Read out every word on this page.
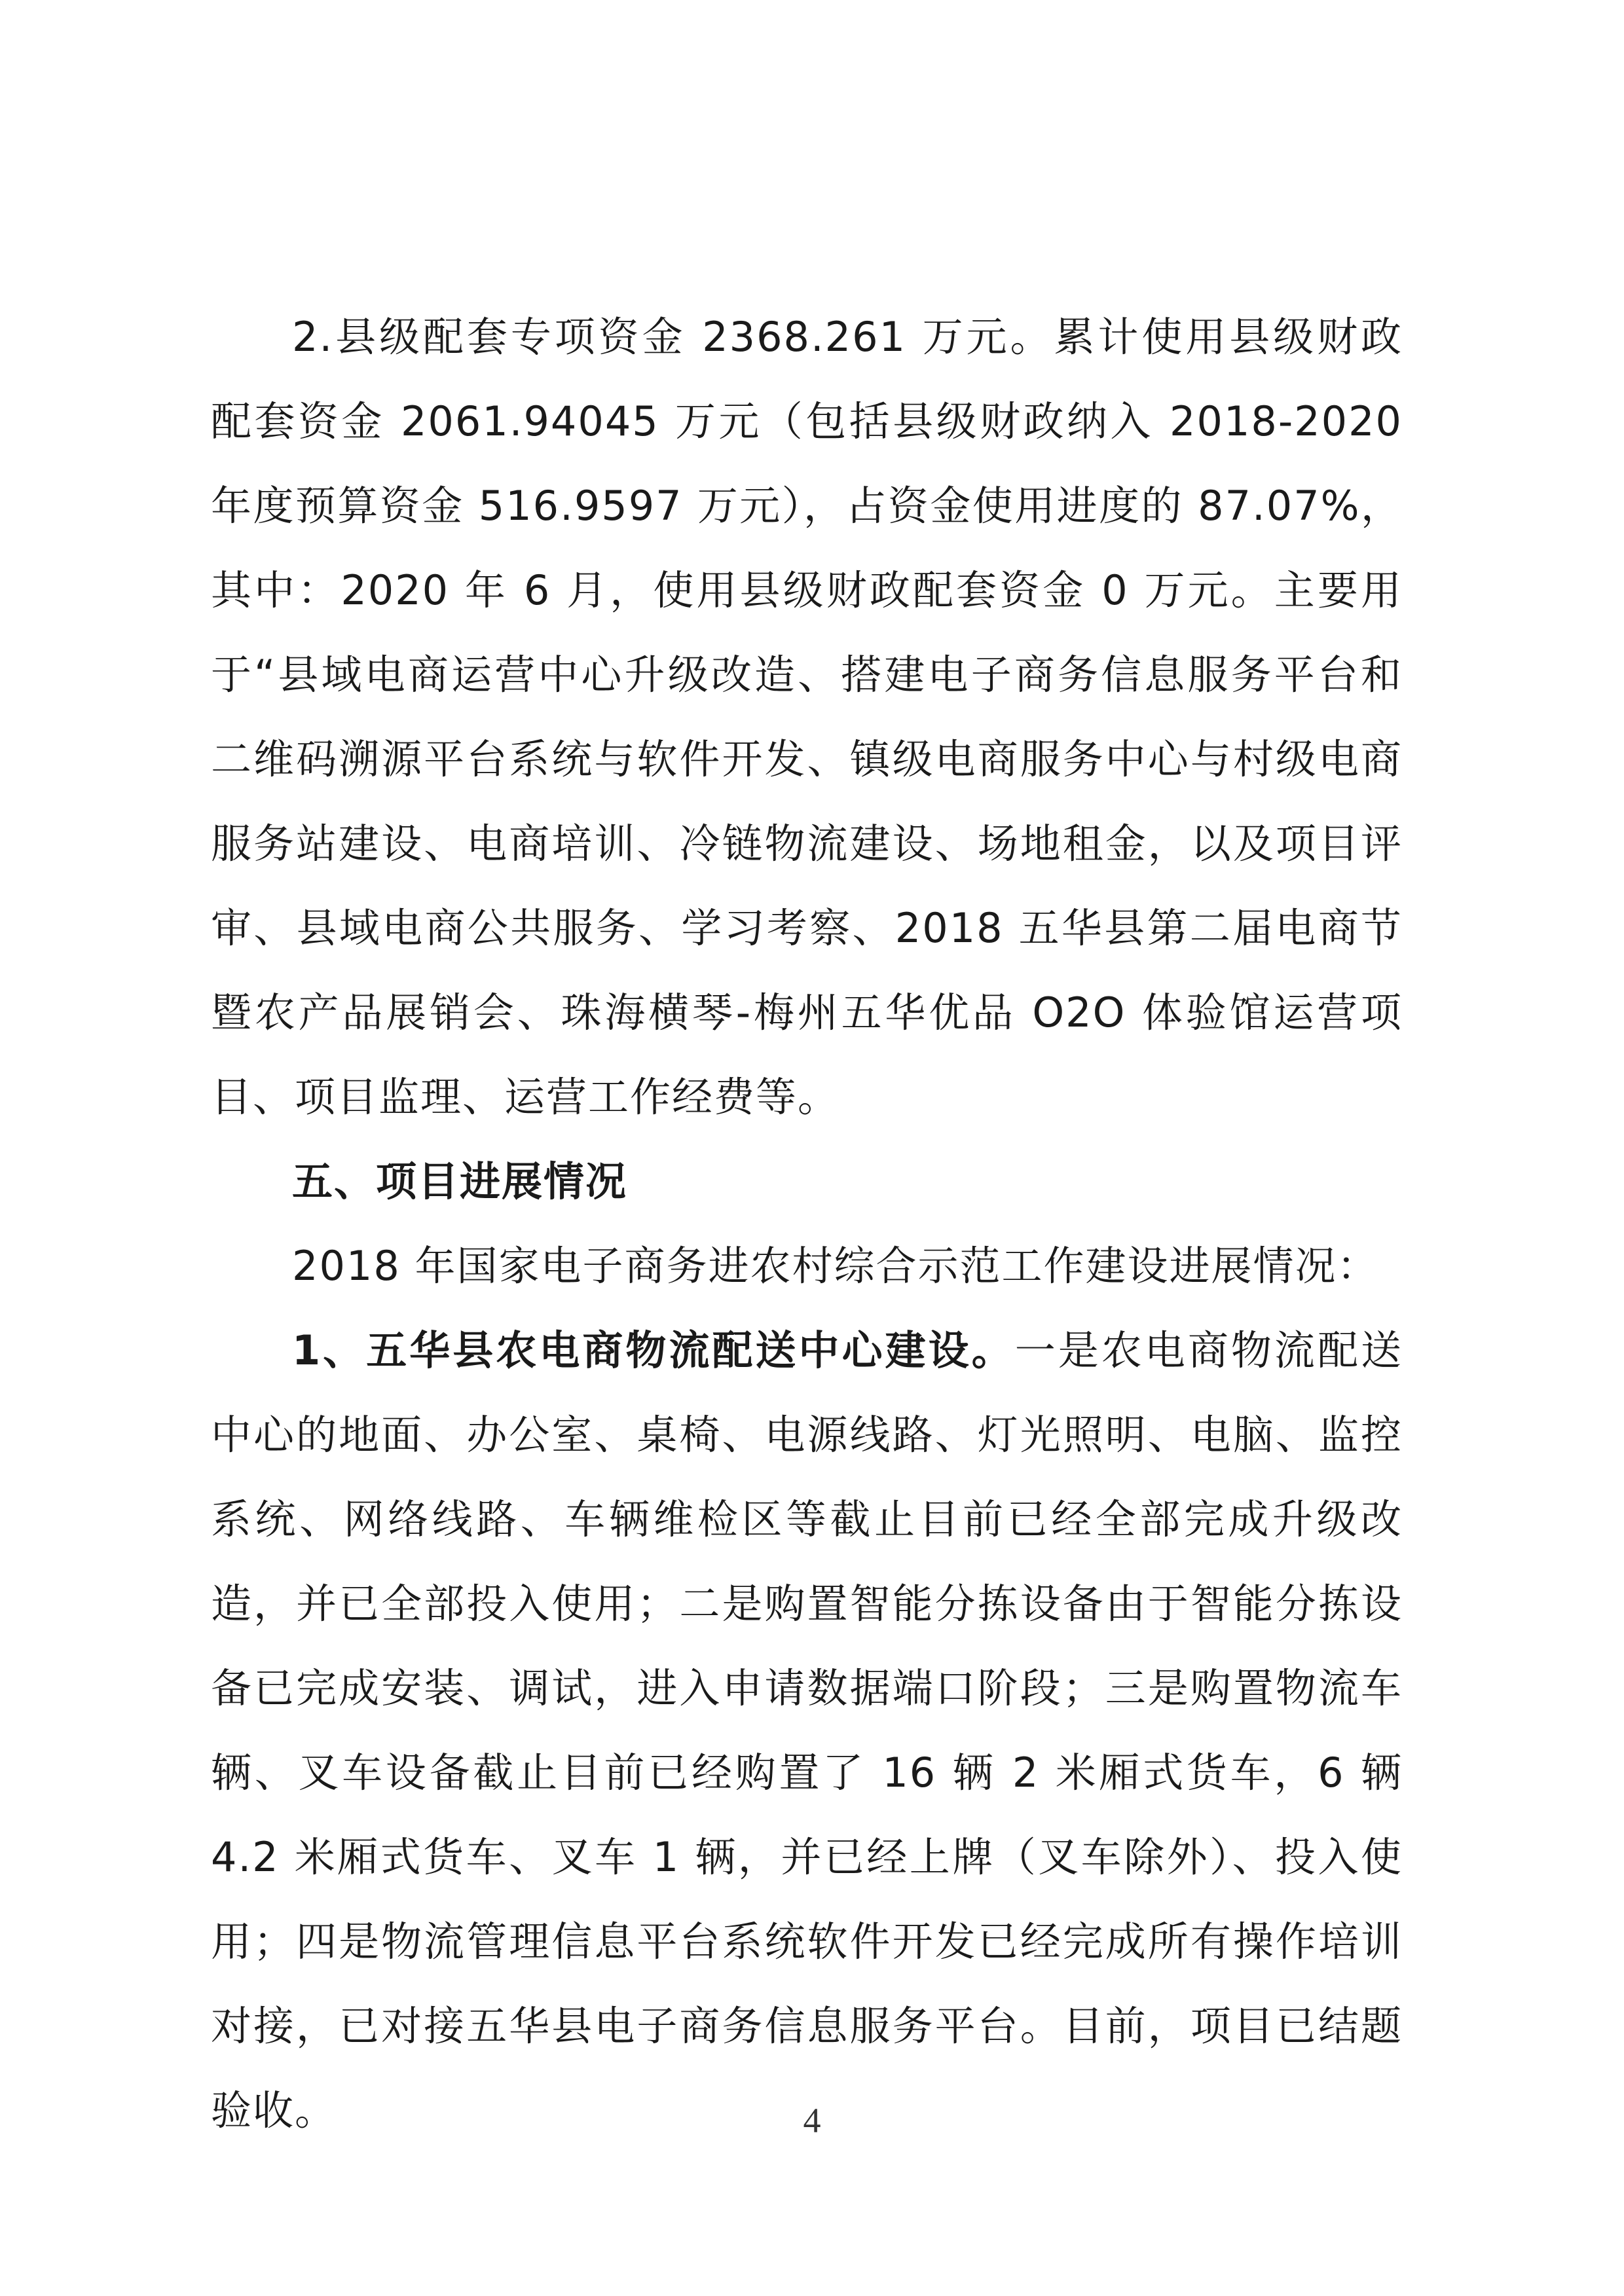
2.县级配套专项资金 2368.261 万元。累计使用县级财政配套资金 2061.94045 万元（包括县级财政纳入 2018-2020 年度预算资金 516.9597 万元），占资金使用进度的 87.07%，其中：2020 年 6 月，使用县级财政配套资金 0 万元。主要用于“县域电商运营中心升级改造、搭建电子商务信息服务平台和二维码溯源平台系统与软件开发、镇级电商服务中心与村级电商服务站建设、电商培训、冷链物流建设、场地租金，以及项目评审、县域电商公共服务、学习考察、2018 五华县第二届电商节暨农产品展销会、珠海横琴-梅州五华优品 O2O 体验馆运营项目、项目监理、运营工作经费等。

五、项目进展情况

2018 年国家电子商务进农村综合示范工作建设进展情况：

1、五华县农电商物流配送中心建设。一是农电商物流配送中心的地面、办公室、桌椅、电源线路、灯光照明、电脑、监控系统、网络线路、车辆维检区等截止目前已经全部完成升级改造，并已全部投入使用；二是购置智能分拣设备由于智能分拣设备已完成安装、调试，进入申请数据端口阶段；三是购置物流车辆、叉车设备截止目前已经购置了 16 辆 2 米厢式货车，6 辆 4.2 米厢式货车、叉车 1 辆，并已经上牌（叉车除外）、投入使用；四是物流管理信息平台系统软件开发已经完成所有操作培训对接，已对接五华县电子商务信息服务平台。目前，项目已结题验收。	4
